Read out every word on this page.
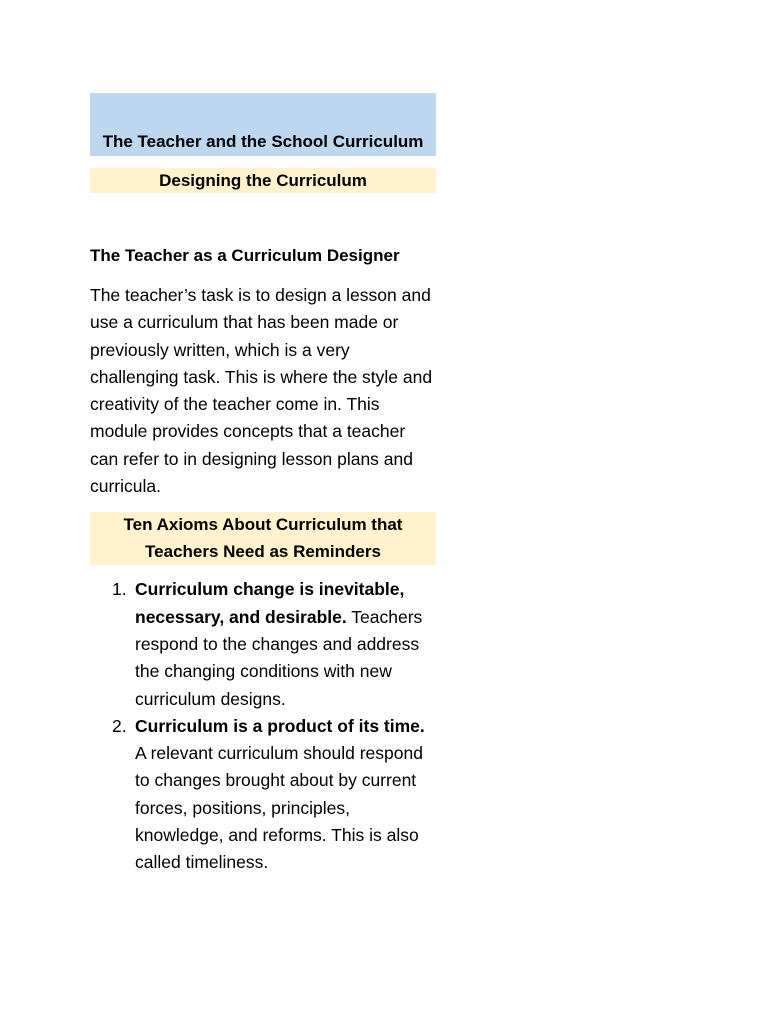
The Teacher and the School Curriculum
Designing the Curriculum
The Teacher as a Curriculum Designer
The teacher’s task is to design a lesson and use a curriculum that has been made or previously written, which is a very challenging task. This is where the style and creativity of the teacher come in. This module provides concepts that a teacher can refer to in designing lesson plans and curricula.
Ten Axioms About Curriculum that
Teachers Need as Reminders
1. Curriculum change is inevitable, necessary, and desirable. Teachers respond to the changes and address the changing conditions with new curriculum designs.
2. Curriculum is a product of its time. A relevant curriculum should respond to changes brought about by current forces, positions, principles, knowledge, and reforms. This is also called timeliness.
